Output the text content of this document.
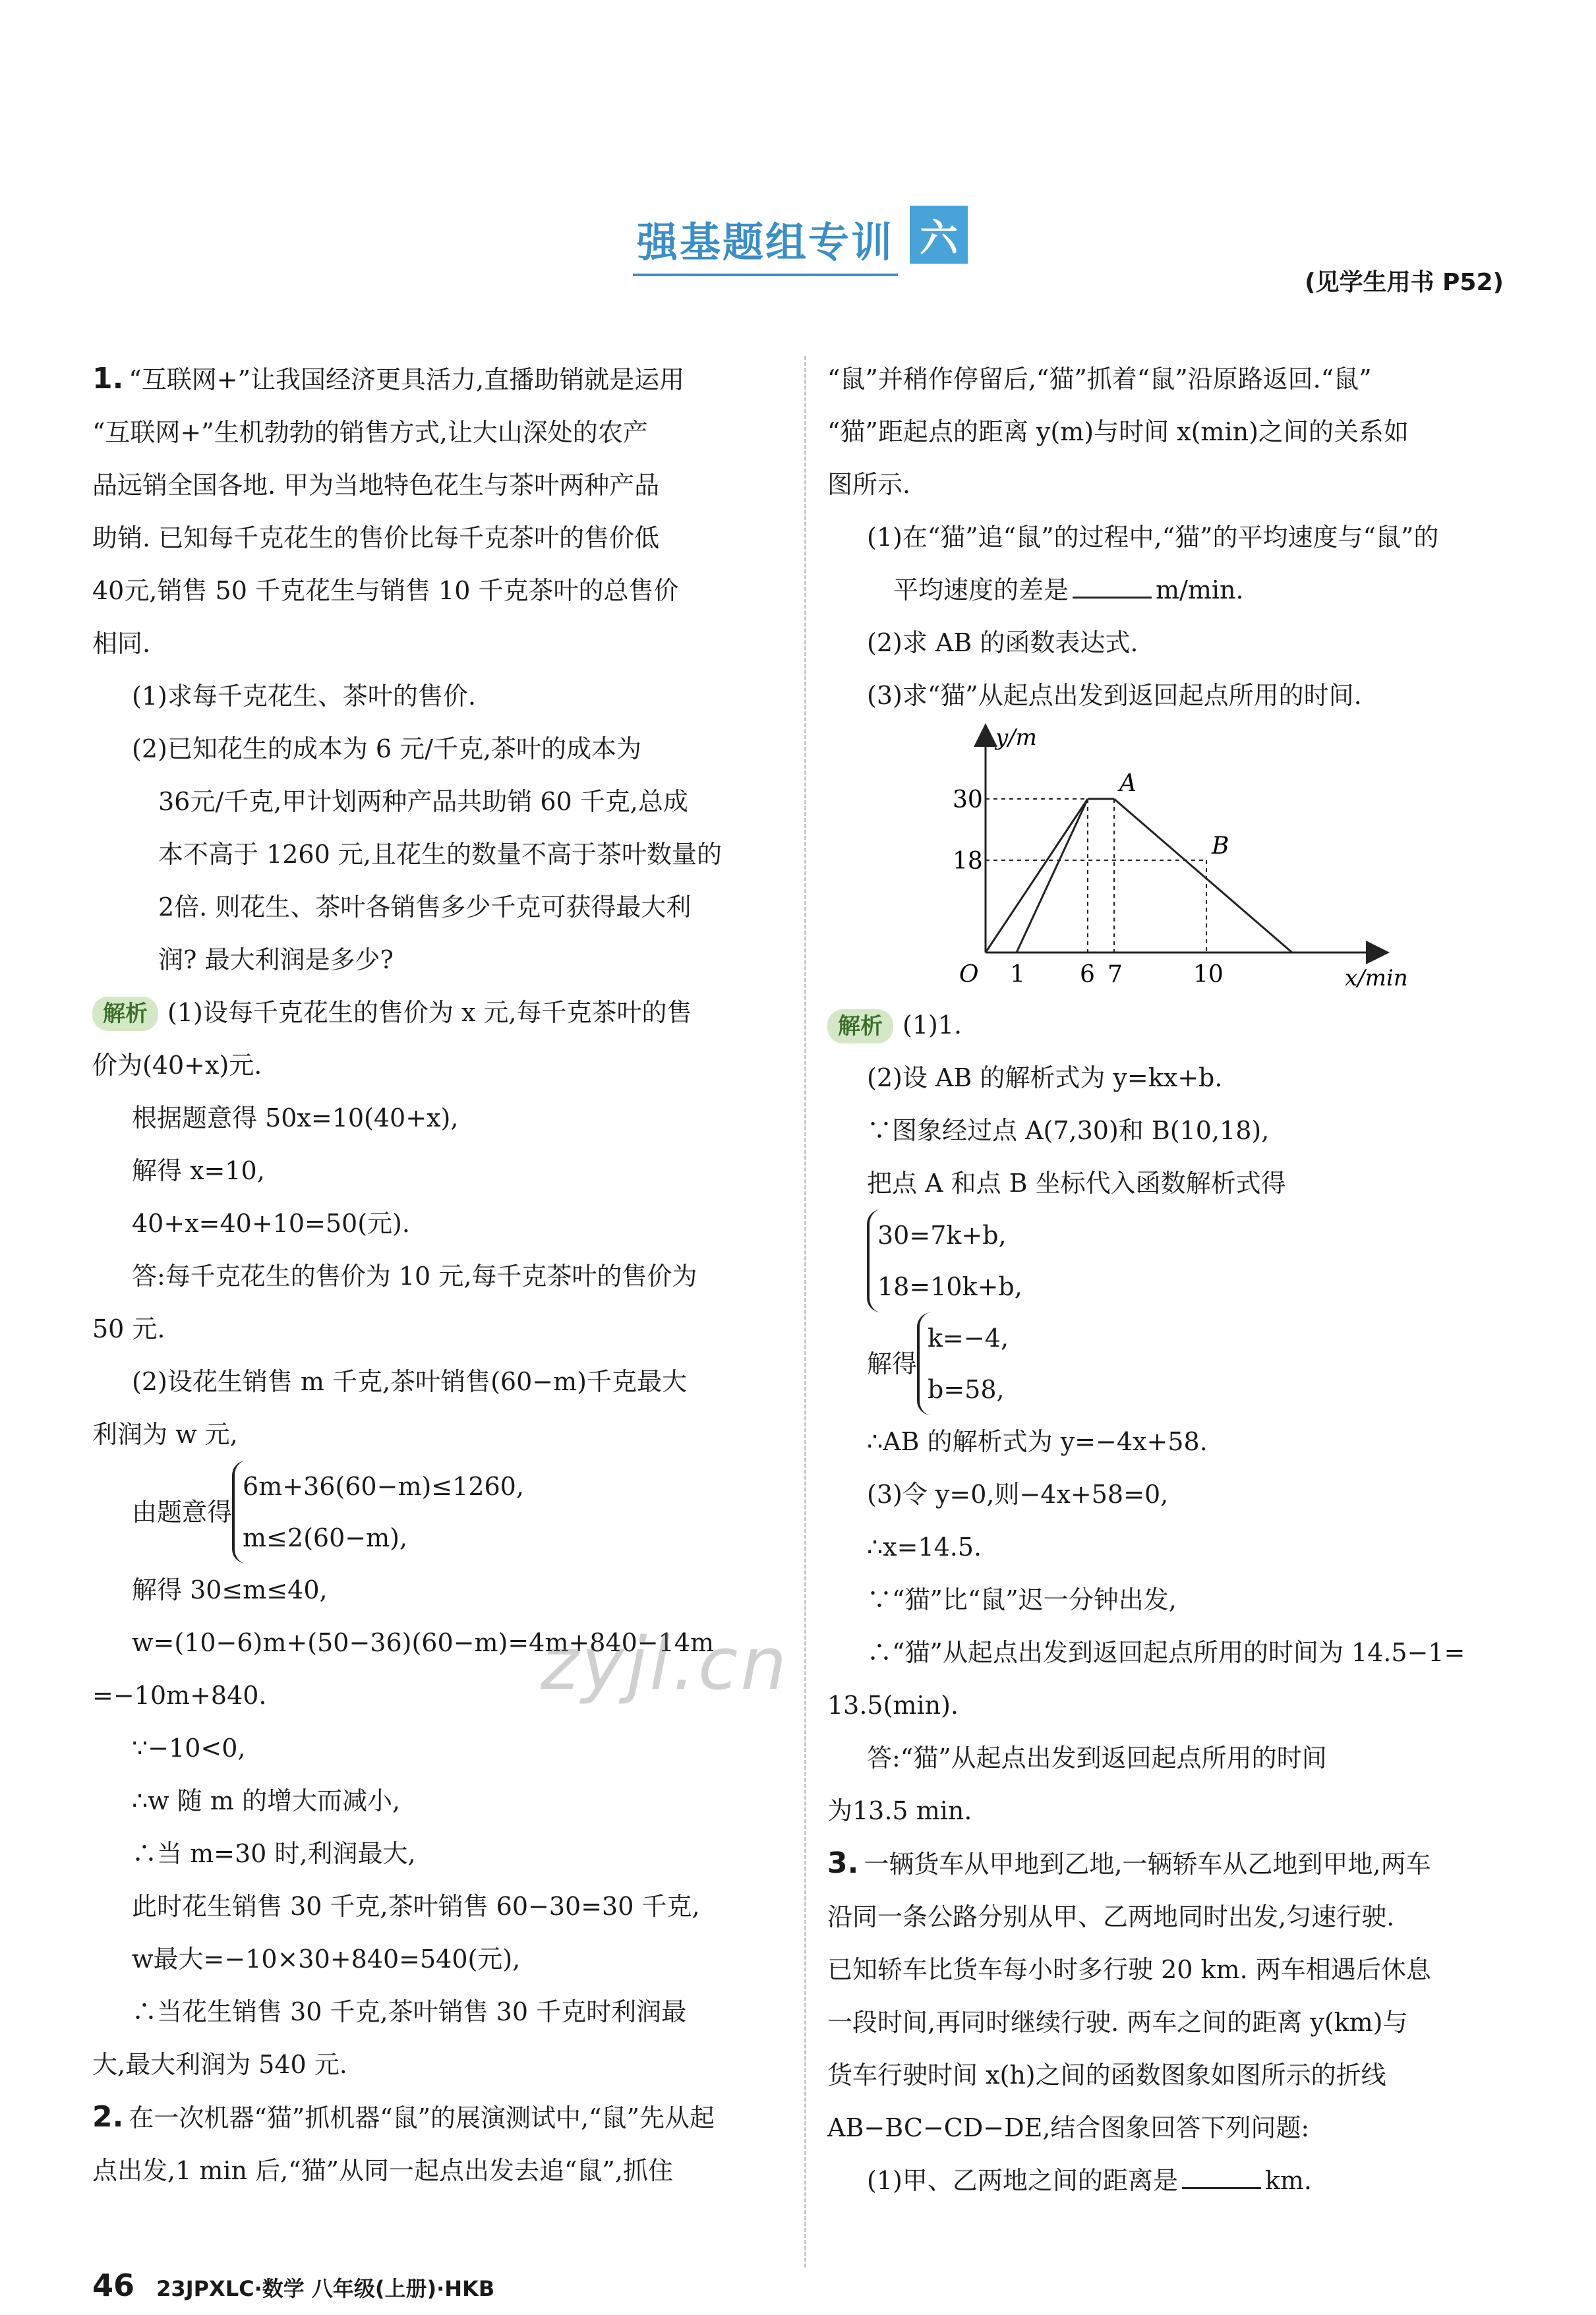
强基题组专训 六
(见学生用书 P52)

1. “互联网+”让我国经济更具活力,直播助销就是运用

“互联网+”生机勃勃的销售方式,让大山深处的农产

品远销全国各地. 甲为当地特色花生与茶叶两种产品

助销. 已知每千克花生的售价比每千克茶叶的售价低

40元,销售 50 千克花生与销售 10 千克茶叶的总售价

相同.

(1)求每千克花生、茶叶的售价.

(2)已知花生的成本为 6 元/千克,茶叶的成本为

36元/千克,甲计划两种产品共助销 60 千克,总成

本不高于 1260 元,且花生的数量不高于茶叶数量的

2倍. 则花生、茶叶各销售多少千克可获得最大利

润? 最大利润是多少?

解析 (1)设每千克花生的售价为 x 元,每千克茶叶的售

价为(40+x)元.

根据题意得 50x=10(40+x),

解得 x=10,

40+x=40+10=50(元).

答:每千克花生的售价为 10 元,每千克茶叶的售价为

50 元.

(2)设花生销售 m 千克,茶叶销售(60−m)千克最大

利润为 w 元,

由题意得
6m+36(60−m)≤1260,
m≤2(60−m),

解得 30≤m≤40,

w=(10−6)m+(50−36)(60−m)=4m+840−14m

=−10m+840.

∵−10<0,

∴w 随 m 的增大而减小,

∴当 m=30 时,利润最大,

此时花生销售 30 千克,茶叶销售 60−30=30 千克,

w最大=−10×30+840=540(元),

∴当花生销售 30 千克,茶叶销售 30 千克时利润最

大,最大利润为 540 元.

2. 在一次机器“猫”抓机器“鼠”的展演测试中,“鼠”先从起

点出发,1 min 后,“猫”从同一起点出发去追“鼠”,抓住

“鼠”并稍作停留后,“猫”抓着“鼠”沿原路返回.“鼠”

“猫”距起点的距离 y(m)与时间 x(min)之间的关系如

图所示.

(1)在“猫”追“鼠”的过程中,“猫”的平均速度与“鼠”的

平均速度的差是	m/min.

(2)求 AB 的函数表达式.

(3)求“猫”从起点出发到返回起点所用的时间.

解析 (1)1.

(2)设 AB 的解析式为 y=kx+b.

∵图象经过点 A(7,30)和 B(10,18),

把点 A 和点 B 坐标代入函数解析式得

30=7k+b,
18=10k+b,
解得
k=−4,
b=58,

∴AB 的解析式为 y=−4x+58.

(3)令 y=0,则−4x+58=0,

∴x=14.5.

∵“猫”比“鼠”迟一分钟出发,

∴“猫”从起点出发到返回起点所用的时间为 14.5−1=

13.5(min).

答:“猫”从起点出发到返回起点所用的时间

为13.5 min.

3. 一辆货车从甲地到乙地,一辆轿车从乙地到甲地,两车

沿同一条公路分别从甲、乙两地同时出发,匀速行驶.

已知轿车比货车每小时多行驶 20 km. 两车相遇后休息

一段时间,再同时继续行驶. 两车之间的距离 y(km)与

货车行驶时间 x(h)之间的函数图象如图所示的折线

AB−BC−CD−DE,结合图象回答下列问题:

(1)甲、乙两地之间的距离是	km.

y/m
x/min
O
30
18
1 6 7	10
A
B
zyjl.cn
46 23JPXLC·数学 八年级(上册)·HKB
